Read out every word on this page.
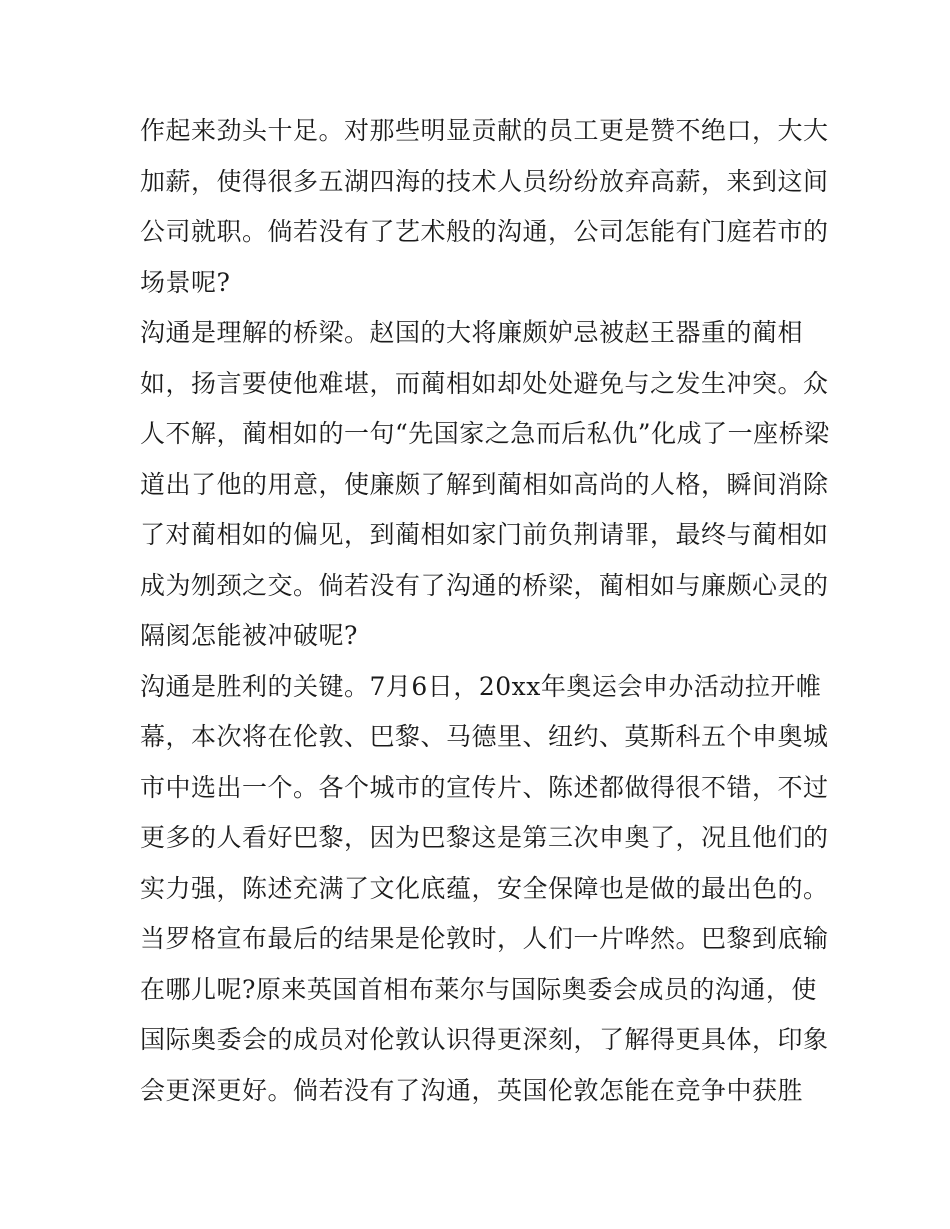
作起来劲头十足。对那些明显贡献的员工更是赞不绝口，大大
加薪，使得很多五湖四海的技术人员纷纷放弃高薪，来到这间
公司就职。倘若没有了艺术般的沟通，公司怎能有门庭若市的
场景呢?
沟通是理解的桥梁。赵国的大将廉颇妒忌被赵王器重的蔺相
如，扬言要使他难堪，而蔺相如却处处避免与之发生冲突。众
人不解，蔺相如的一句“先国家之急而后私仇”化成了一座桥梁
道出了他的用意，使廉颇了解到蔺相如高尚的人格，瞬间消除
了对蔺相如的偏见，到蔺相如家门前负荆请罪，最终与蔺相如
成为刎颈之交。倘若没有了沟通的桥梁，蔺相如与廉颇心灵的
隔阂怎能被冲破呢?
沟通是胜利的关键。7月6日，20xx年奥运会申办活动拉开帷
幕，本次将在伦敦、巴黎、马德里、纽约、莫斯科五个申奥城
市中选出一个。各个城市的宣传片、陈述都做得很不错，不过
更多的人看好巴黎，因为巴黎这是第三次申奥了，况且他们的
实力强，陈述充满了文化底蕴，安全保障也是做的最出色的。
当罗格宣布最后的结果是伦敦时，人们一片哗然。巴黎到底输
在哪儿呢?原来英国首相布莱尔与国际奥委会成员的沟通，使
国际奥委会的成员对伦敦认识得更深刻，了解得更具体，印象
会更深更好。倘若没有了沟通，英国伦敦怎能在竞争中获胜
